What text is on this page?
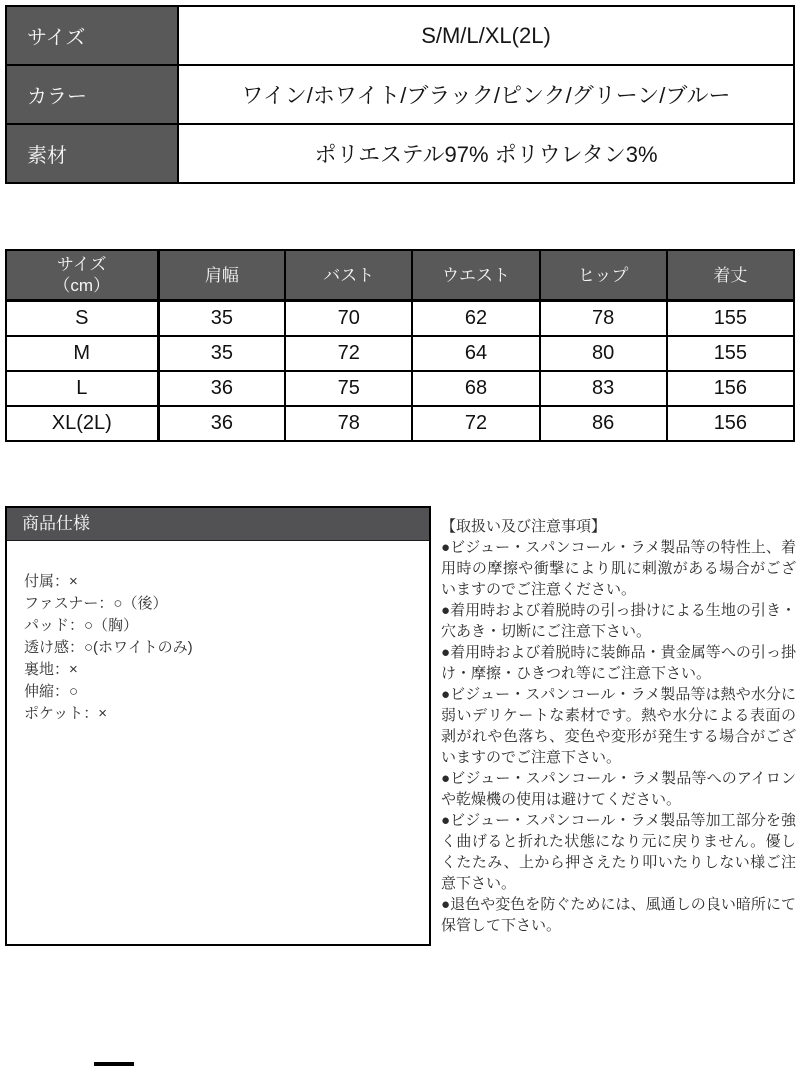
サイズ	S/M/L/XL(2L)
カラー	ワイン/ホワイト/ブラック/ピンク/グリーン/ブルー
素材	ポリエステル97% ポリウレタン3%
サイズ
（cm）	肩幅	バスト	ウエスト	ヒップ	着丈
S	35	70	62	78	155
M	35	72	64	80	155
L	36	75	68	83	156
XL(2L)	36	78	72	86	156
商品仕様
付属：×
ファスナー：○（後）
パッド：○（胸）
透け感：○(ホワイトのみ)
裏地：×
伸縮：○
ポケット：×

【取扱い及び注意事項】

●ビジュー・スパンコール・ラメ製品等の特性上、着用時の摩擦や衝撃により肌に刺激がある場合がございますのでご注意ください。

●着用時および着脱時の引っ掛けによる生地の引き・穴あき・切断にご注意下さい。

●着用時および着脱時に装飾品・貴金属等への引っ掛け・摩擦・ひきつれ等にご注意下さい。

●ビジュー・スパンコール・ラメ製品等は熱や水分に弱いデリケートな素材です。熱や水分による表面の剥がれや色落ち、変色や変形が発生する場合がございますのでご注意下さい。

●ビジュー・スパンコール・ラメ製品等へのアイロンや乾燥機の使用は避けてください。

●ビジュー・スパンコール・ラメ製品等加工部分を強く曲げると折れた状態になり元に戻りません。優しくたたみ、上から押さえたり叩いたりしない様ご注意下さい。

●退色や変色を防ぐためには、風通しの良い暗所にて保管して下さい。
